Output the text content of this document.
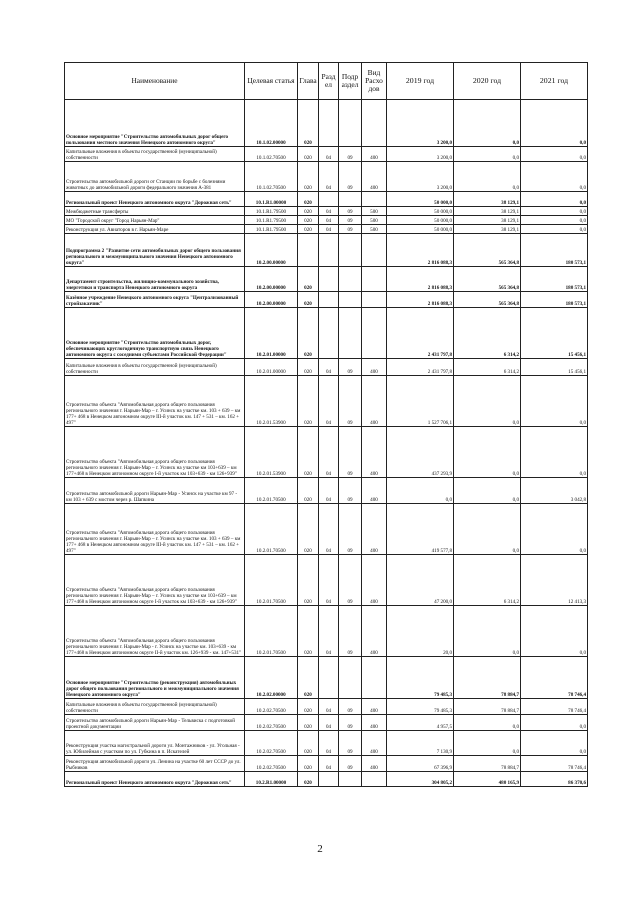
Наименование	Целевая статья	Глава	Разд ел	Подр аздел	Вид Расхо дов	2019 год	2020 год	2021 год
Основное мероприятие "Строительство автомобильных дорог общего пользования местного значения Ненецкого автономного округа"	10.1.02.00000	020				3 200,0	0,0	0,0
Капитальные вложения в объекты государственной (муниципальной) собственности	10.1.02.70500	020	04	09	400	3 200,0	0,0	0,0
Строительство автомобильной дороги от Станции по борьбе с болезнями животных до автомобильной дороги федерального значения А-381	10.1.02.70500	020	04	09	400	3 200,0	0,0	0,0
Региональный проект Ненецкого автономного округа "Дорожная сеть"	10.1.R1.00000	020				50 000,0	38 129,1	0,0
Межбюджетные трансферты	10.1.R1.79500	020	04	09	500	50 000,0	38 129,1	0,0
МО "Городской округ "Город Нарьян-Мар"	10.1.R1.79500	020	04	09	500	50 000,0	38 129,1	0,0
Реконструкция ул. Авиаторов в г. Нарьян-Маре	10.1.R1.79500	020	04	09	500	50 000,0	38 129,1	0,0
Подпрограмма 2 "Развитие сети автомобильных дорог общего пользования регионального и межмуниципального значения Ненецкого автономного округа"	10.2.00.00000					2 816 088,3	565 364,8	180 573,1
Департамент строительства, жилищно-коммунального хозяйства, энергетики и транспорта Ненецкого автономного округа	10.2.00.00000	020				2 816 088,3	565 364,8	180 573,1
Казённое учреждение Ненецкого автономного округа "Централизованный стройзаказчик"	10.2.00.00000	020				2 816 088,3	565 364,8	180 573,1
Основное мероприятие "Строительство автомобильных дорог, обеспечивающих круглогодичную транспортную связь Ненецкого автономного округа с соседними субъектами Российской Федерации"	10.2.01.00000	020				2 431 797,8	6 314,2	15 456,1
Капитальные вложения в объекты государственной (муниципальной) собственности	10.2.01.00000	020	04	09	400	2 431 797,8	6 314,2	15 456,1
Строительство объекта "Автомобильная дорога общего пользования регионального значения г. Нарьян-Мар – г. Усинск на участке км. 103 + 639 – км 177+ 468 в Ненецком автономном округе III-й участок км. 147 + 531 – км. 162 + 497"	10.2.01.53900	020	04	09	400	1 527 706,1	0,0	0,0
Строительство объекта "Автомобильная дорога общего пользования регионального значения г. Нарьян-Мар – г. Усинск на участке км 103+639 – км 177+468 в Ненецком автономном округе I-й участок км 103+639 - км 126+939"	10.2.01.53900	020	04	09	400	437 293,9	0,0	0,0
Строительство автомобильной дороги Нарьян-Мар - Усинск на участке км 97 - км 103 + 639 с мостом через р. Шапкина	10.2.01.70500	020	04	09	400	0,0	0,0	3 042,8
Строительство объекта "Автомобильная дорога общего пользования регионального значения г. Нарьян-Мар – г. Усинск на участке км. 103 + 639 – км 177+ 468 в Ненецком автономном округе III-й участок км. 147 + 531 – км. 162 + 497"	10.2.01.70500	020	04	09	400	419 577,8	0,0	0,0
Строительство объекта "Автомобильная дорога общего пользования регионального значения г. Нарьян-Мар – г. Усинск на участке км 103+639 – км 177+468 в Ненецком автономном округе I-й участок км 103+639 - км 126+939"	10.2.01.70500	020	04	09	400	47 200,0	6 314,2	12 413,3
Строительство объекта "Автомобильная дорога общего пользования регионального значения г. Нарьян-Мар - г. Усинск на участке км. 103+639 - км 177+468 в Ненецком автономном округе II-й участок км. 126+939 - км. 147+531"	10.2.01.70500	020	04	09	400	20,0	0,0	0,0
Основное мероприятие "Строительство (реконструкция) автомобильных дорог общего пользования регионального и межмуниципального значения Ненецкого автономного округа"	10.2.02.00000	020				79 485,3	78 884,7	78 746,4
Капитальные вложения в объекты государственной (муниципальной) собственности	10.2.02.70500	020	04	09	400	79 485,3	78 884,7	78 746,4
Строительство автомобильной дороги Нарьян-Мар - Тельвиска с подготовкой проектной документации	10.2.02.70500	020	04	09	400	4 957,5	0,0	0,0
Реконструкция участка магистральной дороги ул. Монтажников - ул. Угольная - ул. Юбилейная с участком по ул. Губкина в п. Искателей	10.2.02.70500	020	04	09	400	7 130,9	0,0	0,0
Реконструкция автомобильной дороги ул. Ленина на участке 60 лет СССР до ул. Рыбников	10.2.02.70500	020	04	09	400	67 396,9	78 884,7	78 746,4
Региональный проект Ненецкого автономного округа "Дорожная сеть"	10.2.R1.00000	020				304 805,2	480 165,9	86 370,6
2
